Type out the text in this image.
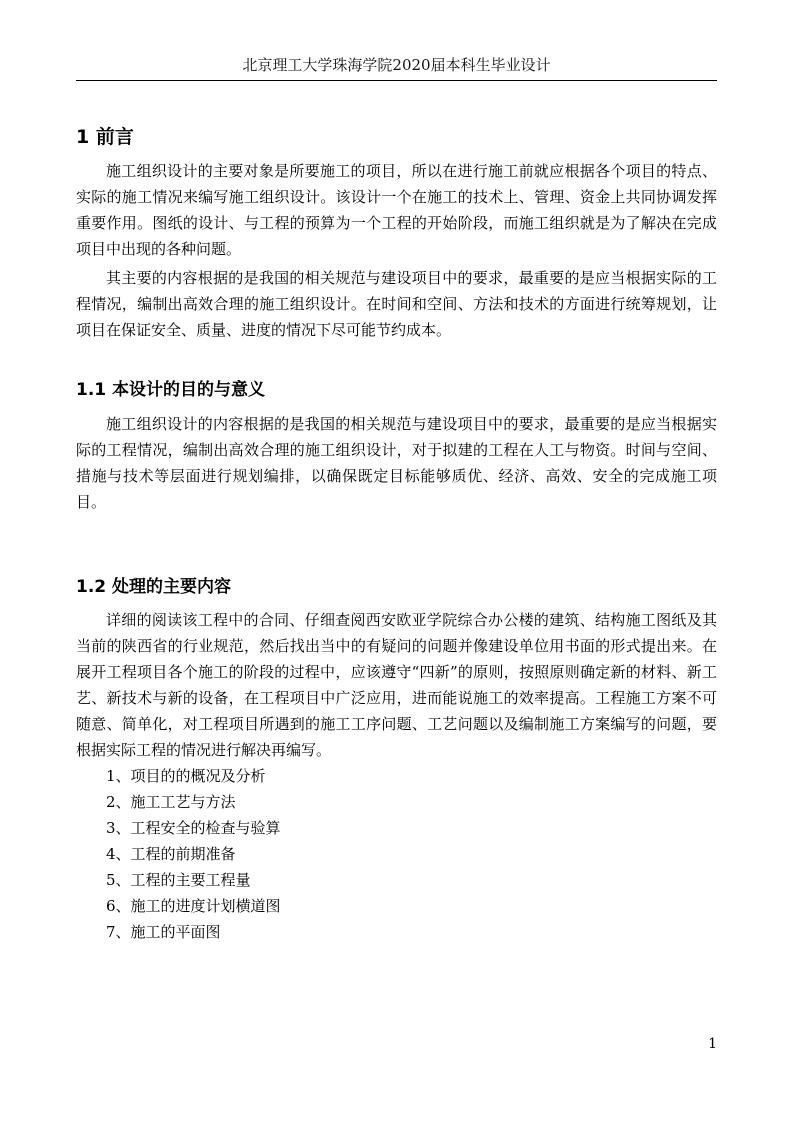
北京理工大学珠海学院2020届本科生毕业设计
1 前言

施工组织设计的主要对象是所要施工的项目，所以在进行施工前就应根据各个项目的特点、实际的施工情况来编写施工组织设计。该设计一个在施工的技术上、管理、资金上共同协调发挥重要作用。图纸的设计、与工程的预算为一个工程的开始阶段，而施工组织就是为了解决在完成项目中出现的各种问题。

其主要的内容根据的是我国的相关规范与建设项目中的要求，最重要的是应当根据实际的工程情况，编制出高效合理的施工组织设计。在时间和空间、方法和技术的方面进行统筹规划，让项目在保证安全、质量、进度的情况下尽可能节约成本。

1.1 本设计的目的与意义

施工组织设计的内容根据的是我国的相关规范与建设项目中的要求，最重要的是应当根据实际的工程情况，编制出高效合理的施工组织设计，对于拟建的工程在人工与物资。时间与空间、措施与技术等层面进行规划编排，以确保既定目标能够质优、经济、高效、安全的完成施工项目。

1.2 处理的主要内容

详细的阅读该工程中的合同、仔细查阅西安欧亚学院综合办公楼的建筑、结构施工图纸及其当前的陕西省的行业规范，然后找出当中的有疑问的问题并像建设单位用书面的形式提出来。在展开工程项目各个施工的阶段的过程中，应该遵守“四新”的原则，按照原则确定新的材料、新工艺、新技术与新的设备，在工程项目中广泛应用，进而能说施工的效率提高。工程施工方案不可随意、简单化，对工程项目所遇到的施工工序问题、工艺问题以及编制施工方案编写的问题，要根据实际工程的情况进行解决再编写。

1、项目的的概况及分析
2、施工工艺与方法
3、工程安全的检查与验算
4、工程的前期准备
5、工程的主要工程量
6、施工的进度计划横道图
7、施工的平面图
1
